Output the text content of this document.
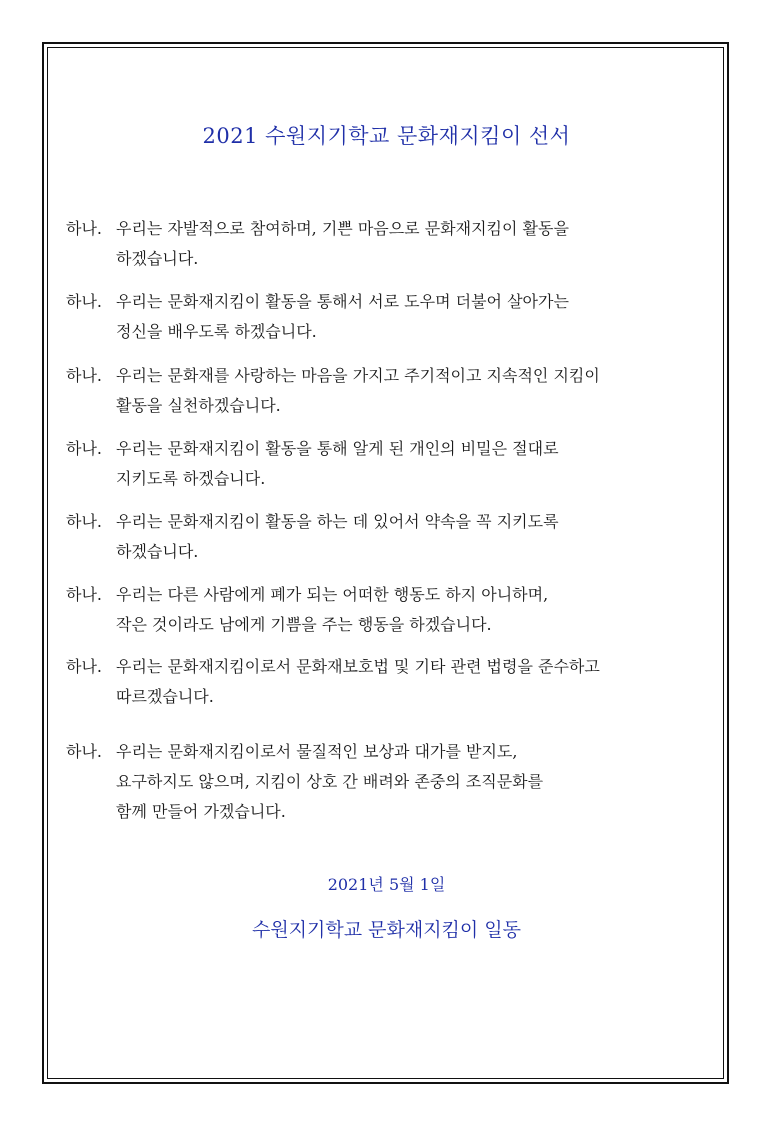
2021 수원지기학교 문화재지킴이 선서
하나. 우리는 자발적으로 참여하며, 기쁜 마음으로 문화재지킴이 활동을
하겠습니다.
하나. 우리는 문화재지킴이 활동을 통해서 서로 도우며 더불어 살아가는
정신을 배우도록 하겠습니다.
하나. 우리는 문화재를 사랑하는 마음을 가지고 주기적이고 지속적인 지킴이
활동을 실천하겠습니다.
하나. 우리는 문화재지킴이 활동을 통해 알게 된 개인의 비밀은 절대로
지키도록 하겠습니다.
하나. 우리는 문화재지킴이 활동을 하는 데 있어서 약속을 꼭 지키도록
하겠습니다.
하나. 우리는 다른 사람에게 폐가 되는 어떠한 행동도 하지 아니하며,
작은 것이라도 남에게 기쁨을 주는 행동을 하겠습니다.
하나. 우리는 문화재지킴이로서 문화재보호법 및 기타 관련 법령을 준수하고
따르겠습니다.
하나. 우리는 문화재지킴이로서 물질적인 보상과 대가를 받지도,
요구하지도 않으며, 지킴이 상호 간 배려와 존중의 조직문화를
함께 만들어 가겠습니다.
2021년 5월 1일
수원지기학교 문화재지킴이 일동
